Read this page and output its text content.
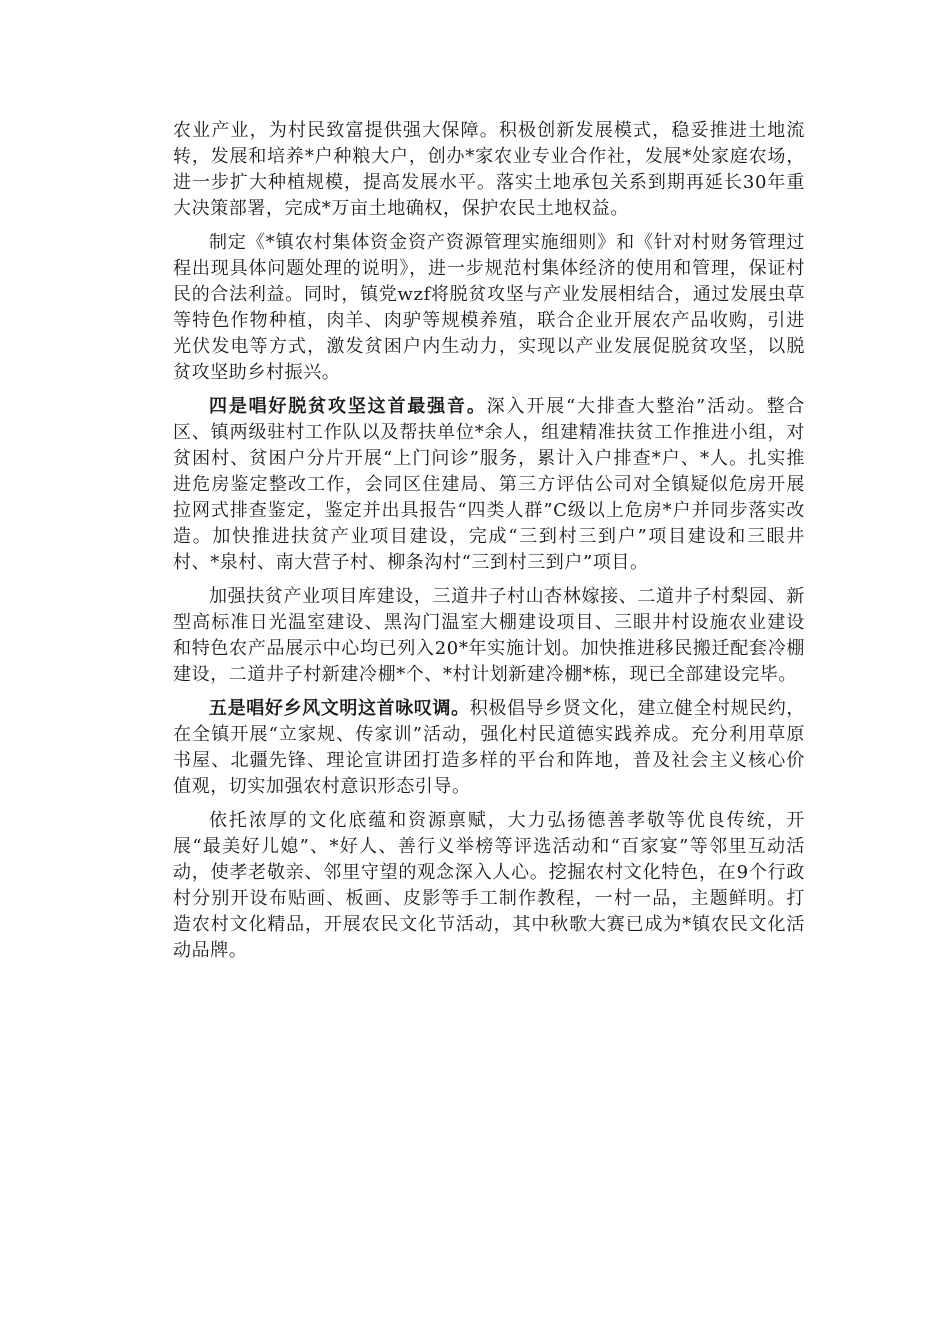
农业产业，为村民致富提供强大保障。积极创新发展模式，稳妥推进土地流转，发展和培养*户种粮大户，创办*家农业专业合作社，发展*处家庭农场，进一步扩大种植规模，提高发展水平。落实土地承包关系到期再延长30年重大决策部署，完成*万亩土地确权，保护农民土地权益。

制定《*镇农村集体资金资产资源管理实施细则》和《针对村财务管理过程出现具体问题处理的说明》，进一步规范村集体经济的使用和管理，保证村民的合法利益。同时，镇党wzf将脱贫攻坚与产业发展相结合，通过发展虫草等特色作物种植，肉羊、肉驴等规模养殖，联合企业开展农产品收购，引进光伏发电等方式，激发贫困户内生动力，实现以产业发展促脱贫攻坚，以脱贫攻坚助乡村振兴。

四是唱好脱贫攻坚这首最强音。深入开展“大排查大整治”活动。整合区、镇两级驻村工作队以及帮扶单位*余人，组建精准扶贫工作推进小组，对贫困村、贫困户分片开展“上门问诊”服务，累计入户排查*户、*人。扎实推进危房鉴定整改工作，会同区住建局、第三方评估公司对全镇疑似危房开展拉网式排查鉴定，鉴定并出具报告“四类人群”C级以上危房*户并同步落实改造。加快推进扶贫产业项目建设，完成“三到村三到户”项目建设和三眼井村、*泉村、南大营子村、柳条沟村“三到村三到户”项目。

加强扶贫产业项目库建设，三道井子村山杏林嫁接、二道井子村梨园、新型高标准日光温室建设、黑沟门温室大棚建设项目、三眼井村设施农业建设和特色农产品展示中心均已列入20*年实施计划。加快推进移民搬迁配套冷棚建设，二道井子村新建冷棚*个、*村计划新建冷棚*栋，现已全部建设完毕。

五是唱好乡风文明这首咏叹调。积极倡导乡贤文化，建立健全村规民约，在全镇开展“立家规、传家训”活动，强化村民道德实践养成。充分利用草原书屋、北疆先锋、理论宣讲团打造多样的平台和阵地，普及社会主义核心价值观，切实加强农村意识形态引导。

依托浓厚的文化底蕴和资源禀赋，大力弘扬德善孝敬等优良传统，开展“最美好儿媳”、*好人、善行义举榜等评选活动和“百家宴”等邻里互动活动，使孝老敬亲、邻里守望的观念深入人心。挖掘农村文化特色，在9个行政村分别开设布贴画、板画、皮影等手工制作教程，一村一品，主题鲜明。打造农村文化精品，开展农民文化节活动，其中秋歌大赛已成为*镇农民文化活动品牌。
